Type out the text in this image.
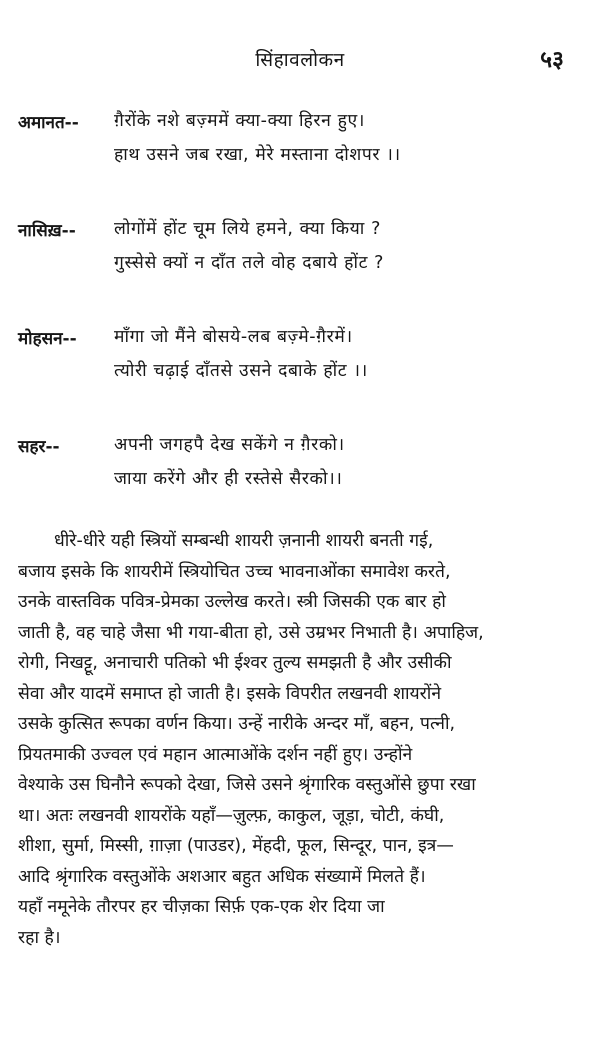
सिंहावलोकन	५३
अमानत-- ग़ैरोंके नशे बज़्ममें क्या-क्या हिरन हुए।
हाथ उसने जब रखा, मेरे मस्ताना दोशपर ।।
नासिख़-- लोगोंमें होंट चूम लिये हमने, क्या किया ?
गुस्सेसे क्यों न दाँत तले वोह दबाये होंट ?
मोहसन-- माँगा जो मैंने बोसये-लब बज़्मे-ग़ैरमें।
त्योरी चढ़ाई दाँतसे उसने दबाके होंट ।।
सहर--	अपनी जगहपै देख सकेंगे न ग़ैरको।
जाया करेंगे और ही रस्तेसे सैरको।।
धीरे-धीरे यही स्त्रियों सम्बन्धी शायरी ज़नानी शायरी बनती गई,
बजाय इसके कि शायरीमें स्त्रियोचित उच्च भावनाओंका समावेश करते,
उनके वास्तविक पवित्र-प्रेमका उल्लेख करते। स्त्री जिसकी एक बार हो
जाती है, वह चाहे जैसा भी गया-बीता हो, उसे उम्रभर निभाती है। अपाहिज,
रोगी, निखट्टू, अनाचारी पतिको भी ईश्वर तुल्य समझती है और उसीकी
सेवा और यादमें समाप्त हो जाती है। इसके विपरीत लखनवी शायरोंने
उसके कुत्सित रूपका वर्णन किया। उन्हें नारीके अन्दर माँ, बहन, पत्नी,
प्रियतमाकी उज्वल एवं महान आत्माओंके दर्शन नहीं हुए। उन्होंने
वेश्याके उस घिनौने रूपको देखा, जिसे उसने श्रृंगारिक वस्तुओंसे छुपा रखा
था। अतः लखनवी शायरोंके यहाँ—ज़ुल्फ़, काकुल, जूड़ा, चोटी, कंघी,
शीशा, सुर्मा, मिस्सी, ग़ाज़ा (पाउडर), मेंहदी, फूल, सिन्दूर, पान, इत्र—
आदि श्रृंगारिक वस्तुओंके अशआर बहुत अधिक संख्यामें मिलते हैं।
यहाँ नमूनेके तौरपर हर चीज़का सिर्फ़ एक-एक शेर दिया जा
रहा है।
